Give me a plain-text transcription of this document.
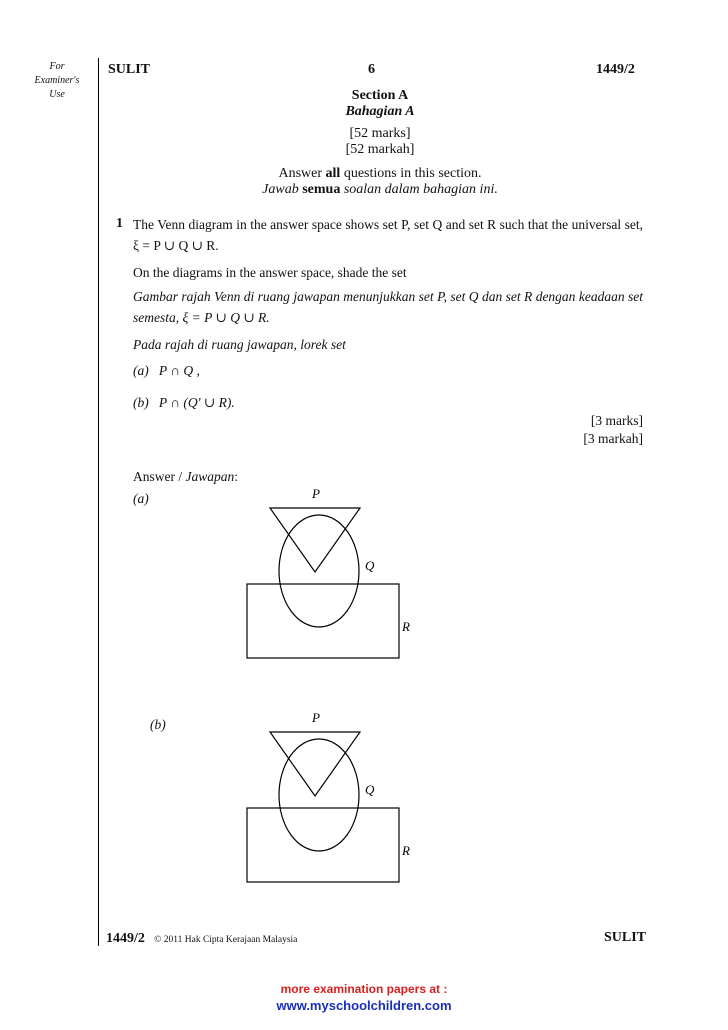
For
Examiner's
Use
SULIT	6	1449/2
Section A
Bahagian A
[52 marks]
[52 markah]
Answer all questions in this section.
Jawab semua soalan dalam bahagian ini.
1 The Venn diagram in the answer space shows set P, set Q and set R such that the universal set, ξ = P ∪ Q ∪ R.
On the diagrams in the answer space, shade the set
Gambar rajah Venn di ruang jawapan menunjukkan set P, set Q dan set R dengan keadaan set semesta, ξ = P ∪ Q ∪ R.
Pada rajah di ruang jawapan, lorek set
(a) P ∩ Q ,
(b) P ∩ (Q' ∪ R).
[3 marks]
[3 markah]
Answer / Jawapan:
(a)
(b)
P
Q
R
P
Q
R
1449/2 © 2011 Hak Cipta Kerajaan Malaysia	SULIT
more examination papers at :
www.myschoolchildren.com
